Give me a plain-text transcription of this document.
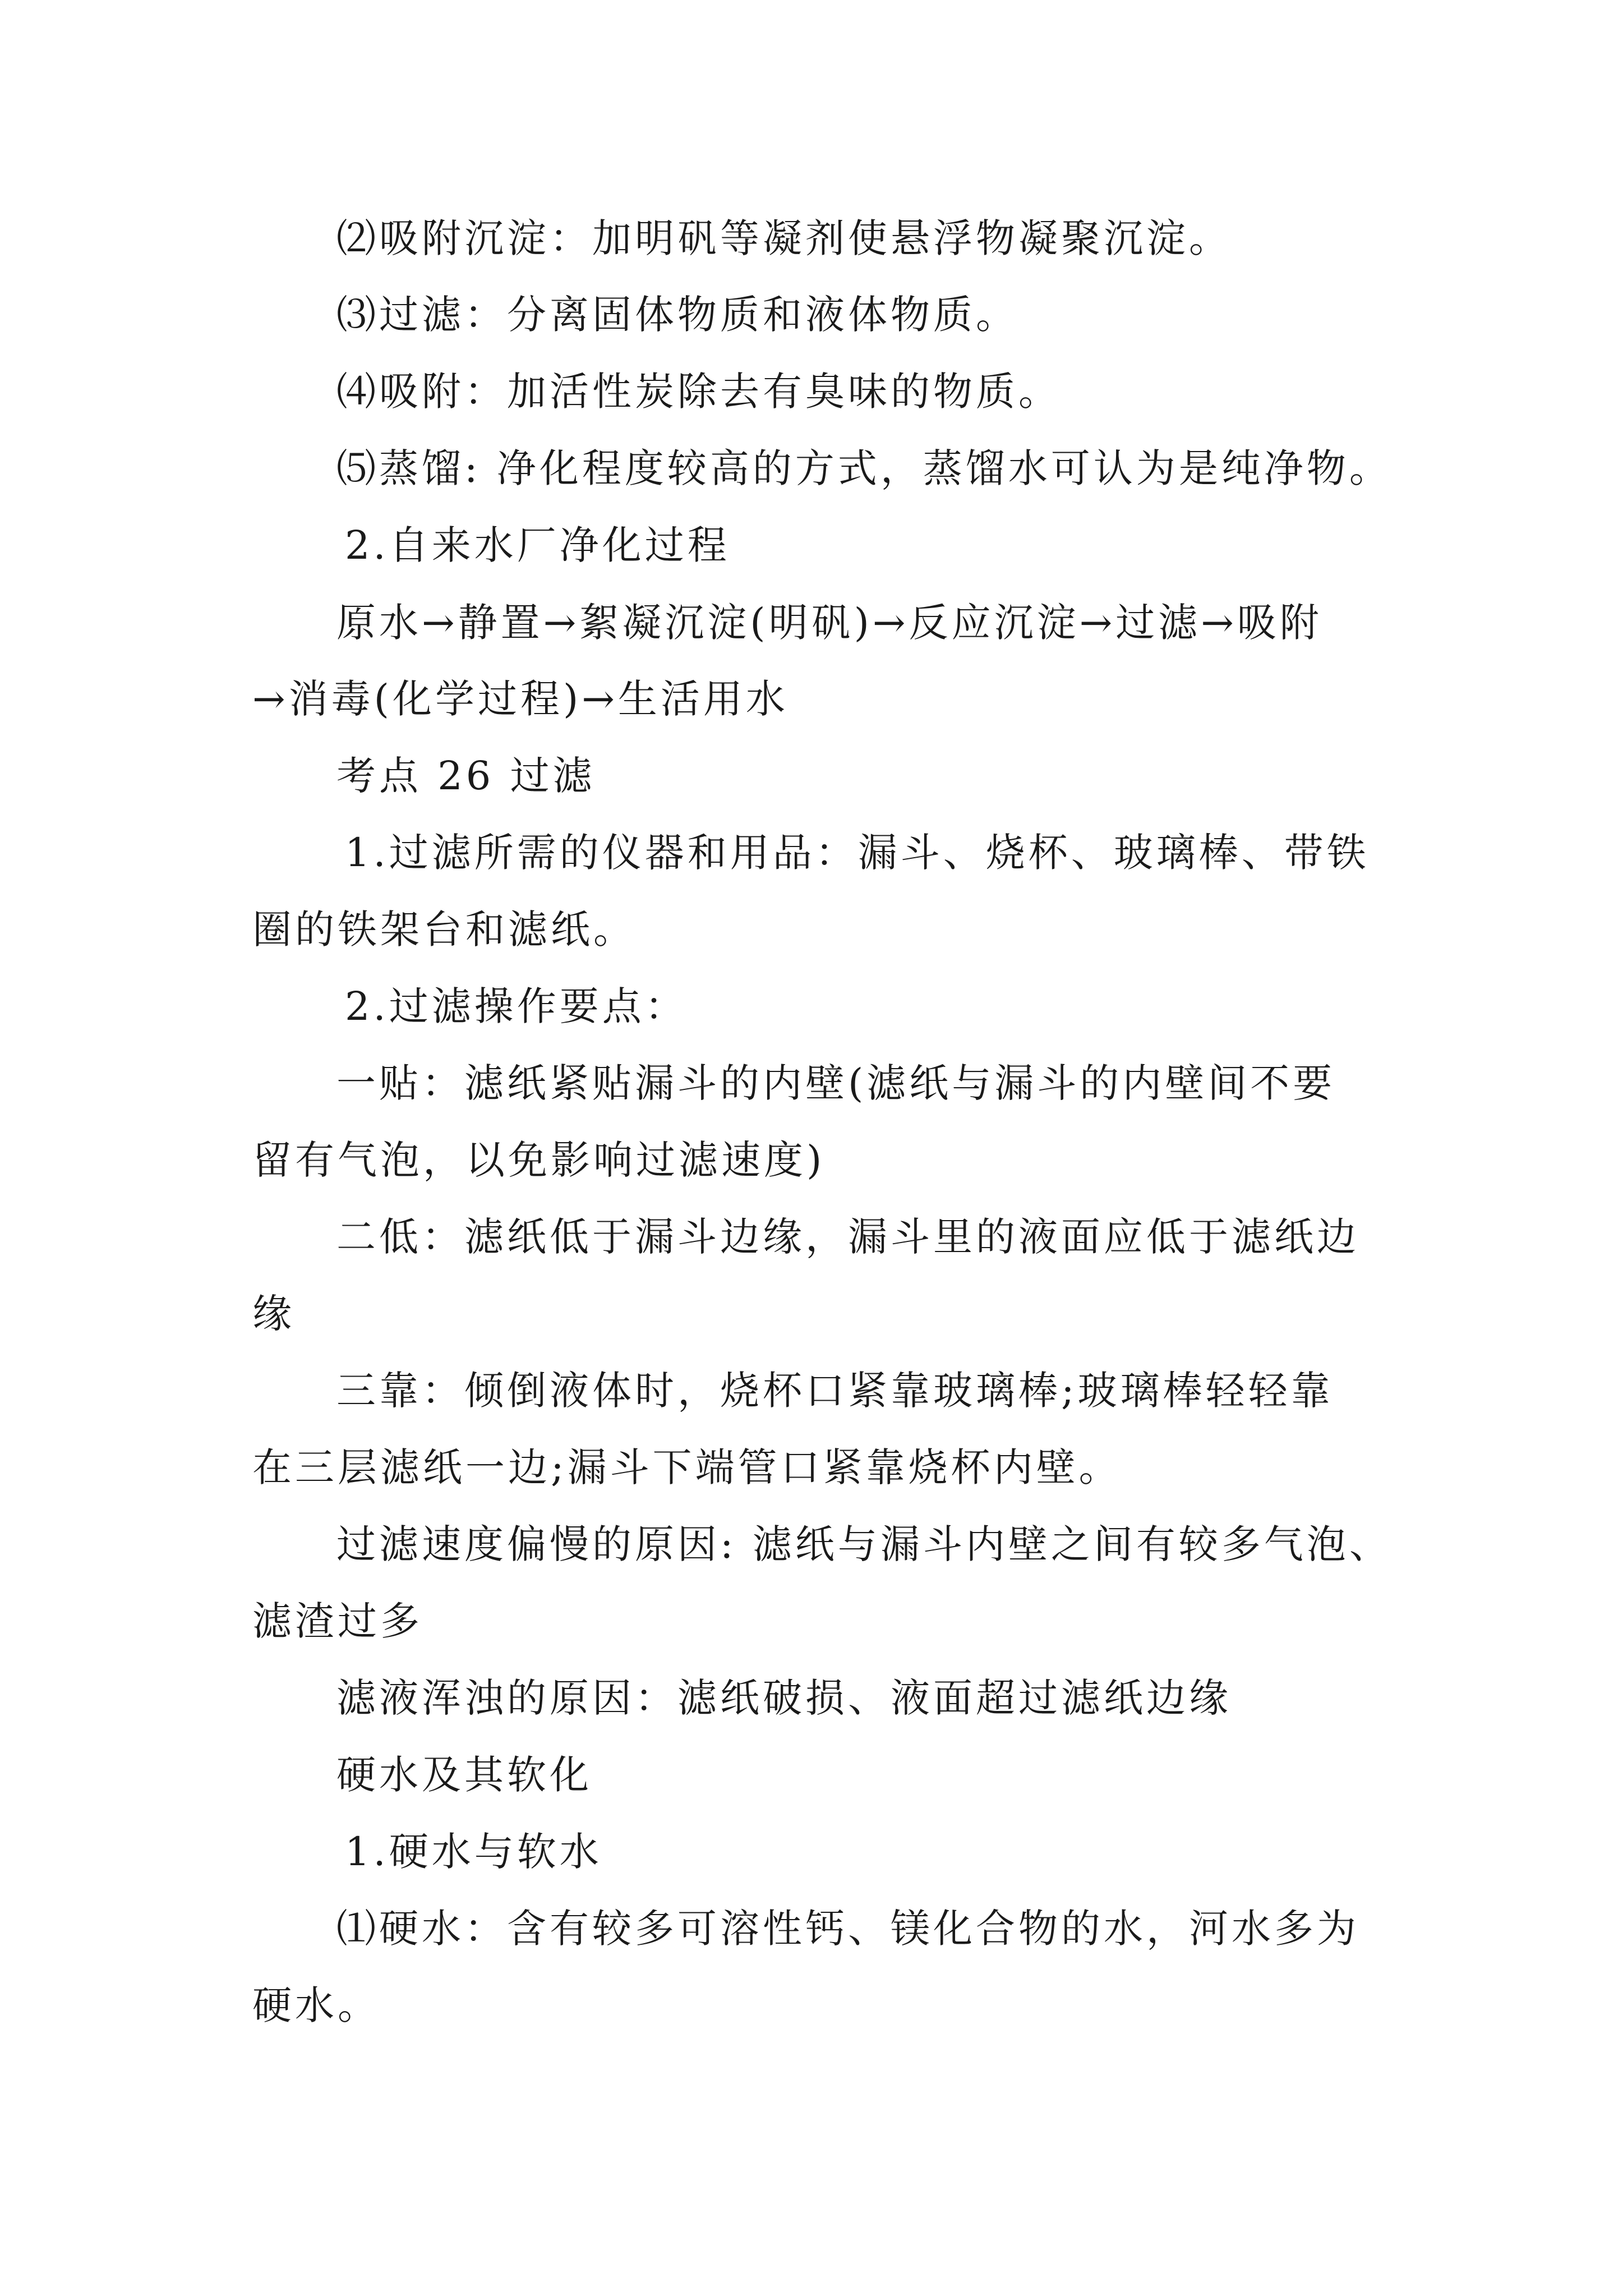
⑵吸附沉淀：加明矾等凝剂使悬浮物凝聚沉淀。

⑶过滤：分离固体物质和液体物质。

⑷吸附：加活性炭除去有臭味的物质。

⑸蒸馏: 净化程度较高的方式，蒸馏水可认为是纯净物。

2.自来水厂净化过程

原水→静置→絮凝沉淀(明矾)→反应沉淀→过滤→吸附

→消毒(化学过程)→生活用水

考点 26 过滤

1.过滤所需的仪器和用品：漏斗、烧杯、玻璃棒、带铁

圈的铁架台和滤纸。

2.过滤操作要点：

一贴：滤纸紧贴漏斗的内壁(滤纸与漏斗的内壁间不要

留有气泡，以免影响过滤速度)

二低：滤纸低于漏斗边缘，漏斗里的液面应低于滤纸边

缘

三靠：倾倒液体时，烧杯口紧靠玻璃棒;玻璃棒轻轻靠

在三层滤纸一边;漏斗下端管口紧靠烧杯内壁。

过滤速度偏慢的原因: 滤纸与漏斗内壁之间有较多气泡、

滤渣过多

滤液浑浊的原因：滤纸破损、液面超过滤纸边缘

硬水及其软化

1.硬水与软水

⑴硬水：含有较多可溶性钙、镁化合物的水，河水多为

硬水。
